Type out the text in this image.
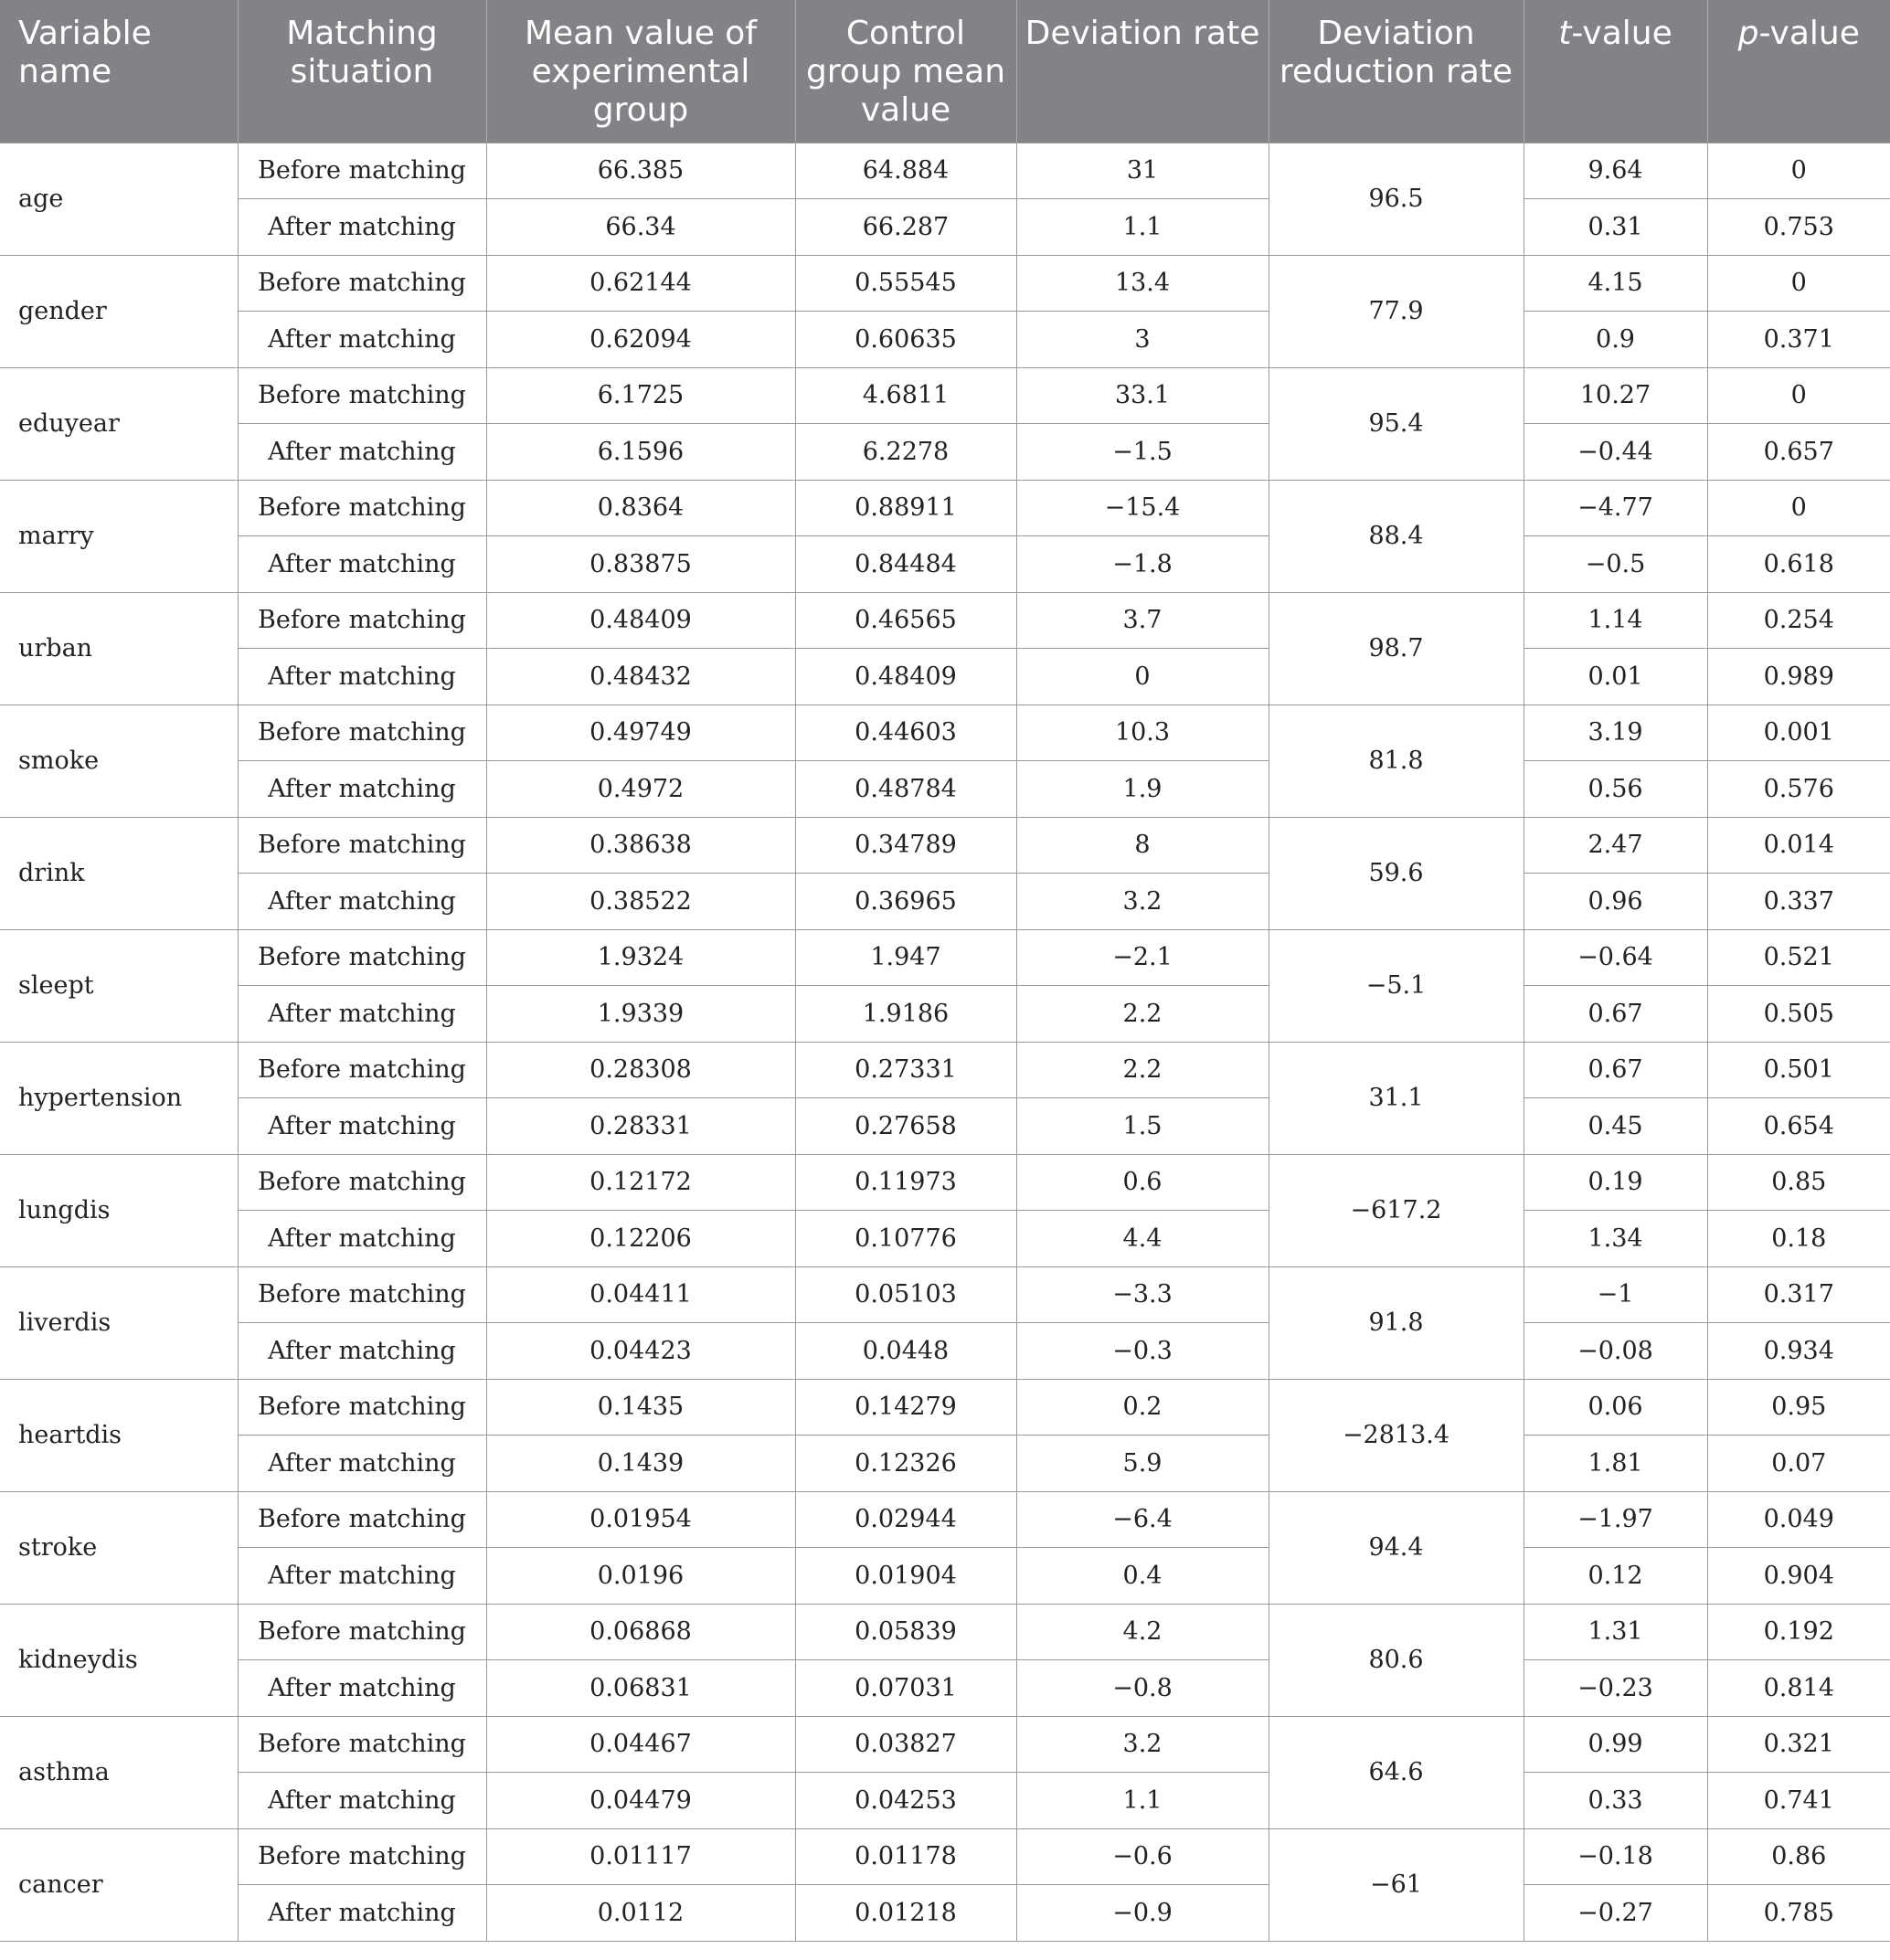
Variable name	Matching situation	Mean value of experimental group	Control group mean value	Deviation rate	Deviation reduction rate	t-value	p-value
age	Before matching	66.385	64.884	31	96.5	9.64	0
	After matching	66.34	66.287	1.1		0.31	0.753
gender	Before matching	0.62144	0.55545	13.4	77.9	4.15	0
	After matching	0.62094	0.60635	3		0.9	0.371
eduyear	Before matching	6.1725	4.6811	33.1	95.4	10.27	0
	After matching	6.1596	6.2278	−1.5		−0.44	0.657
marry	Before matching	0.8364	0.88911	−15.4	88.4	−4.77	0
	After matching	0.83875	0.84484	−1.8		−0.5	0.618
urban	Before matching	0.48409	0.46565	3.7	98.7	1.14	0.254
	After matching	0.48432	0.48409	0		0.01	0.989
smoke	Before matching	0.49749	0.44603	10.3	81.8	3.19	0.001
	After matching	0.4972	0.48784	1.9		0.56	0.576
drink	Before matching	0.38638	0.34789	8	59.6	2.47	0.014
	After matching	0.38522	0.36965	3.2		0.96	0.337
sleept	Before matching	1.9324	1.947	−2.1	−5.1	−0.64	0.521
	After matching	1.9339	1.9186	2.2		0.67	0.505
hypertension	Before matching	0.28308	0.27331	2.2	31.1	0.67	0.501
	After matching	0.28331	0.27658	1.5		0.45	0.654
lungdis	Before matching	0.12172	0.11973	0.6	−617.2	0.19	0.85
	After matching	0.12206	0.10776	4.4		1.34	0.18
liverdis	Before matching	0.04411	0.05103	−3.3	91.8	−1	0.317
	After matching	0.04423	0.0448	−0.3		−0.08	0.934
heartdis	Before matching	0.1435	0.14279	0.2	−2813.4	0.06	0.95
	After matching	0.1439	0.12326	5.9		1.81	0.07
stroke	Before matching	0.01954	0.02944	−6.4	94.4	−1.97	0.049
	After matching	0.0196	0.01904	0.4		0.12	0.904
kidneydis	Before matching	0.06868	0.05839	4.2	80.6	1.31	0.192
	After matching	0.06831	0.07031	−0.8		−0.23	0.814
asthma	Before matching	0.04467	0.03827	3.2	64.6	0.99	0.321
	After matching	0.04479	0.04253	1.1		0.33	0.741
cancer	Before matching	0.01117	0.01178	−0.6	−61	−0.18	0.86
	After matching	0.0112	0.01218	−0.9		−0.27	0.785
